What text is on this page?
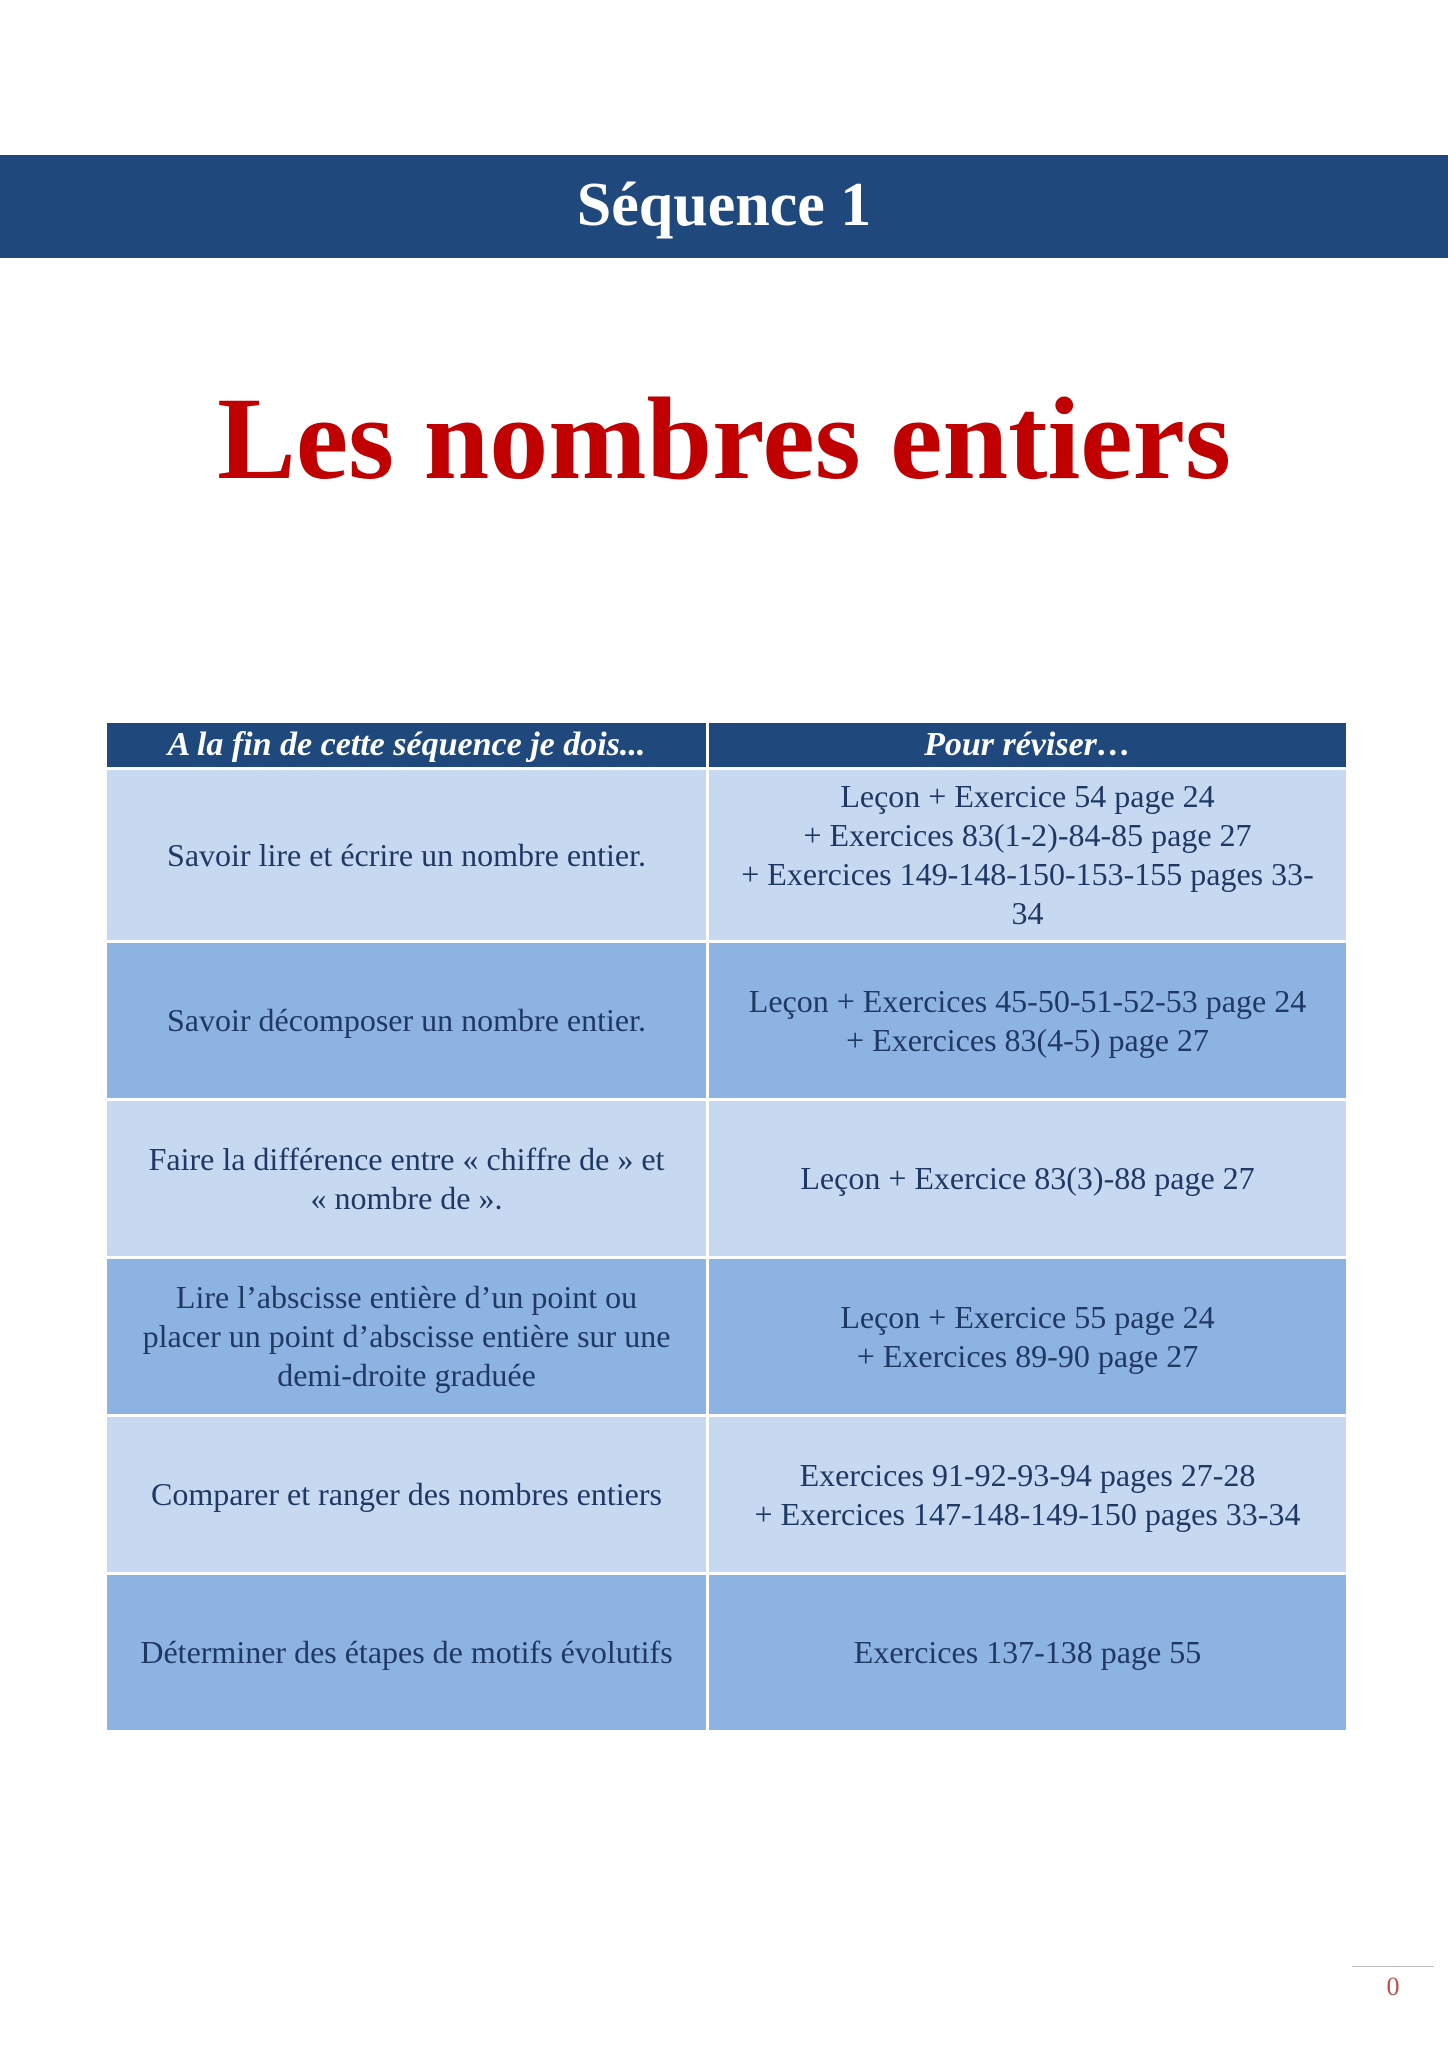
Séquence 1
Les nombres entiers
A la fin de cette séquence je dois...	Pour réviser…

Savoir lire et écrire un nombre entier.	Leçon + Exercice 54 page 24
+ Exercices 83(1-2)-84-85 page 27
+ Exercices 149-148-150-153-155 pages 33-
34

Savoir décomposer un nombre entier.	Leçon + Exercices 45-50-51-52-53 page 24
+ Exercices 83(4-5) page 27

Faire la différence entre « chiffre de » et
« nombre de ».	Leçon + Exercice 83(3)-88 page 27

Lire l’abscisse entière d’un point ou
placer un point d’abscisse entière sur une
demi-droite graduée	Leçon + Exercice 55 page 24
+ Exercices 89-90 page 27

Comparer et ranger des nombres entiers	Exercices 91-92-93-94 pages 27-28
+ Exercices 147-148-149-150 pages 33-34

Déterminer des étapes de motifs évolutifs	Exercices 137-138 page 55
0
